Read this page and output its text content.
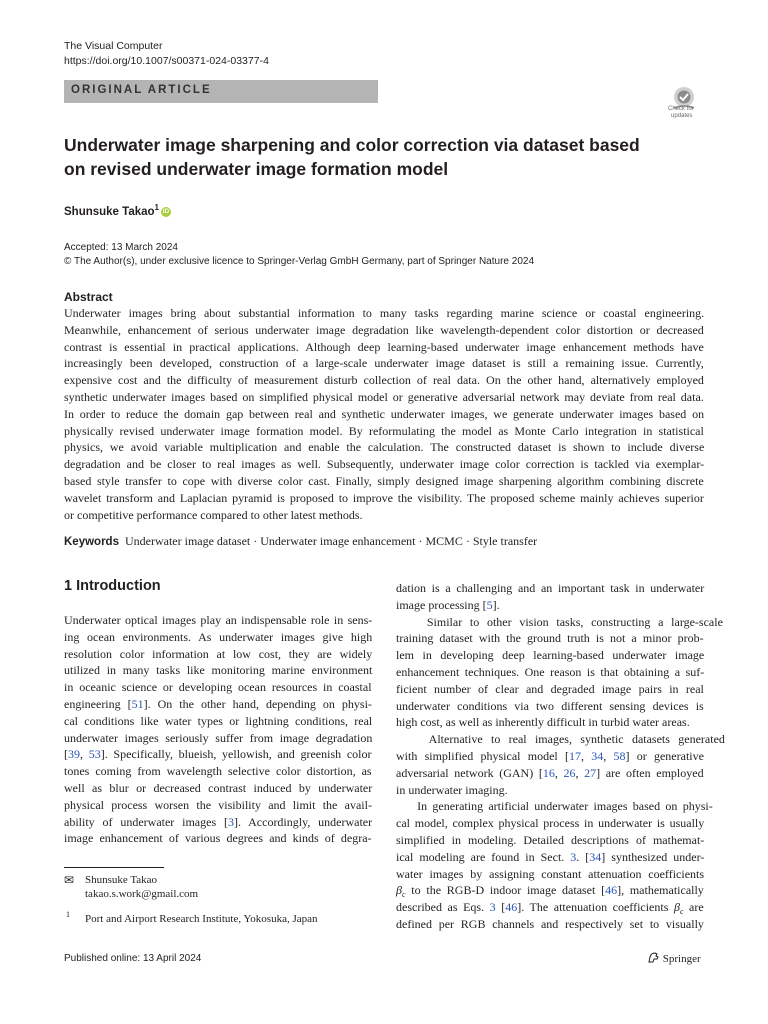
The Visual Computer
https://doi.org/10.1007/s00371-024-03377-4
ORIGINAL ARTICLE
Check for
updates
Underwater image sharpening and color correction via dataset based
on revised underwater image formation model
Shunsuke Takao$^1$ iD
Accepted: 13 March 2024
© The Author(s), under exclusive licence to Springer-Verlag GmbH Germany, part of Springer Nature 2024
Abstract
Underwater images bring about substantial information to many tasks regarding marine science or coastal engineering.
Meanwhile, enhancement of serious underwater image degradation like wavelength-dependent color distortion or decreased
contrast is essential in practical applications. Although deep learning-based underwater image enhancement methods have
increasingly been developed, construction of a large-scale underwater image dataset is still a remaining issue. Currently,
expensive cost and the difficulty of measurement disturb collection of real data. On the other hand, alternatively employed
synthetic underwater images based on simplified physical model or generative adversarial network may deviate from real data.
In order to reduce the domain gap between real and synthetic underwater images, we generate underwater images based on
physically revised underwater image formation model. By reformulating the model as Monte Carlo integration in statistical
physics, we avoid variable multiplication and enable the calculation. The constructed dataset is shown to include diverse
degradation and be closer to real images as well. Subsequently, underwater image color correction is tackled via exemplar-
based style transfer to cope with diverse color cast. Finally, simply designed image sharpening algorithm combining discrete
wavelet transform and Laplacian pyramid is proposed to improve the visibility. The proposed scheme mainly achieves superior
or competitive performance compared to other latest methods.
Keywords Underwater image dataset · Underwater image enhancement · MCMC · Style transfer
1 Introduction
Underwater optical images play an indispensable role in sens-
ing ocean environments. As underwater images give high
resolution color information at low cost, they are widely
utilized in many tasks like monitoring marine environment
in oceanic science or developing ocean resources in coastal
engineering [51]. On the other hand, depending on physi-
cal conditions like water types or lightning conditions, real
underwater images seriously suffer from image degradation
[39, 53]. Specifically, blueish, yellowish, and greenish color
tones coming from wavelength selective color distortion, as
well as blur or decreased contrast induced by underwater
physical process worsen the visibility and limit the avail-
ability of underwater images [3]. Accordingly, underwater
image enhancement of various degrees and kinds of degra-
dation is a challenging and an important task in underwater
image processing [5].
Similar to other vision tasks, constructing a large-scale
training dataset with the ground truth is not a minor prob-
lem in developing deep learning-based underwater image
enhancement techniques. One reason is that obtaining a suf-
ficient number of clear and degraded image pairs in real
underwater conditions via two different sensing devices is
high cost, as well as inherently difficult in turbid water areas.
Alternative to real images, synthetic datasets generated
with simplified physical model [17, 34, 58] or generative
adversarial network (GAN) [16, 26, 27] are often employed
in underwater imaging.
In generating artificial underwater images based on physi-
cal model, complex physical process in underwater is usually
simplified in modeling. Detailed descriptions of mathemat-
ical modeling are found in Sect. 3. [34] synthesized under-
water images by assigning constant attenuation coefficients
$\beta_c$ to the RGB-D indoor image dataset [46], mathematically
described as Eqs. 3 [46]. The attenuation coefficients $\beta_c$ are
defined per RGB channels and respectively set to visually
✉ Shunsuke Takao
takao.s.work@gmail.com
1 Port and Airport Research Institute, Yokosuka, Japan
Published online: 13 April 2024	Springer
